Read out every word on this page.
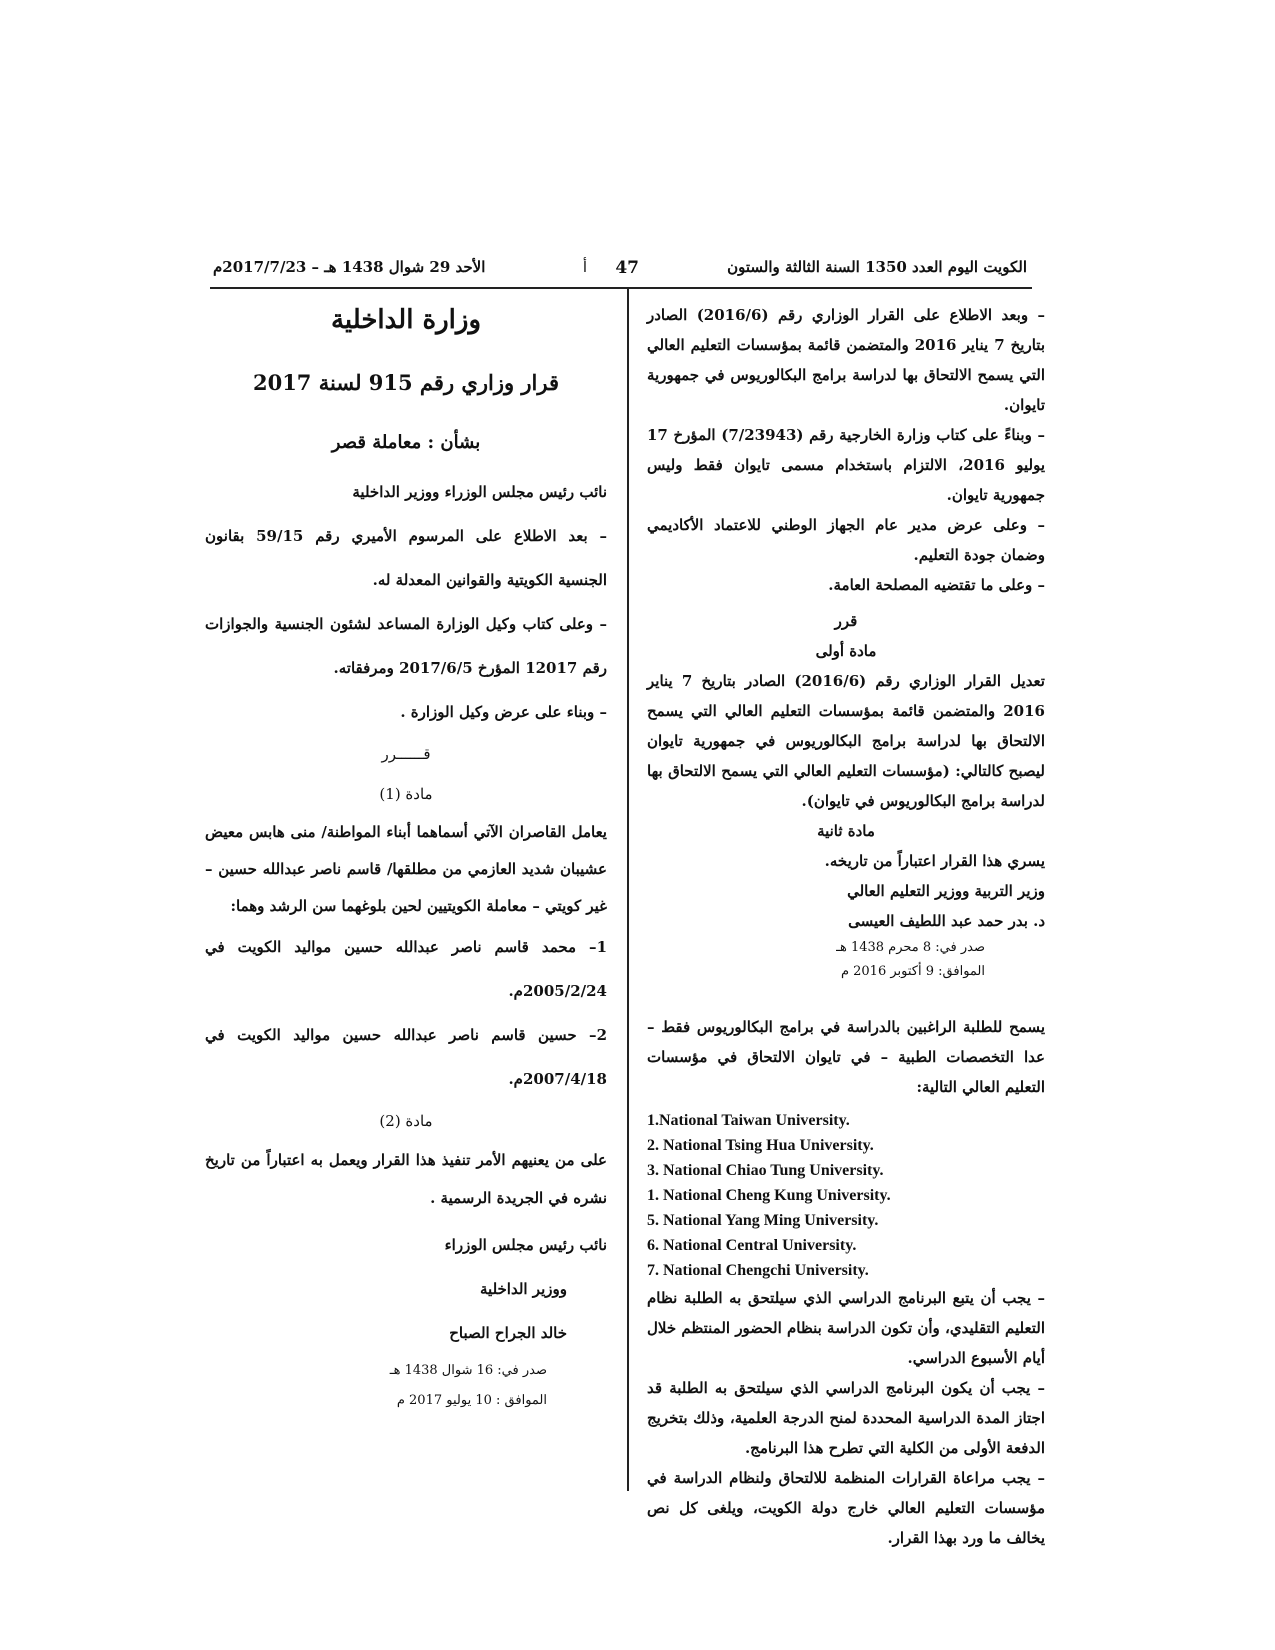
الكويت اليوم العدد 1350 السنة الثالثة والستون
47
أ
الأحد 29 شوال 1438 هـ – 2017/7/23م

– وبعد الاطلاع على القرار الوزاري رقم (2016/6) الصادر بتاريخ 7 يناير 2016 والمتضمن قائمة بمؤسسات التعليم العالي التي يسمح الالتحاق بها لدراسة برامج البكالوريوس في جمهورية تايوان.

– وبناءً على كتاب وزارة الخارجية رقم (7/23943) المؤرخ 17 يوليو 2016، الالتزام باستخدام مسمى تايوان فقط وليس جمهورية تايوان.

– وعلى عرض مدير عام الجهاز الوطني للاعتماد الأكاديمي وضمان جودة التعليم.

– وعلى ما تقتضيه المصلحة العامة.

قرر

مادة أولى

تعديل القرار الوزاري رقم (2016/6) الصادر بتاريخ 7 يناير 2016 والمتضمن قائمة بمؤسسات التعليم العالي التي يسمح الالتحاق بها لدراسة برامج البكالوريوس في جمهورية تايوان ليصبح كالتالي: (مؤسسات التعليم العالي التي يسمح الالتحاق بها لدراسة برامج البكالوريوس في تايوان).

مادة ثانية

يسري هذا القرار اعتباراً من تاريخه.

وزير التربية ووزير التعليم العالي

د. بدر حمد عبد اللطيف العيسى

صدر في: 8 محرم 1438 هـ

الموافق: 9 أكتوبر 2016 م

يسمح للطلبة الراغبين بالدراسة في برامج البكالوريوس فقط – عدا التخصصات الطبية – في تايوان الالتحاق في مؤسسات التعليم العالي التالية:

1.National Taiwan University.

2. National Tsing Hua University.

3. National Chiao Tung University.

1. National Cheng Kung University.

5. National Yang Ming University.

6. National Central University.

7. National Chengchi University.

– يجب أن يتبع البرنامج الدراسي الذي سيلتحق به الطلبة نظام التعليم التقليدي، وأن تكون الدراسة بنظام الحضور المنتظم خلال أيام الأسبوع الدراسي.

– يجب أن يكون البرنامج الدراسي الذي سيلتحق به الطلبة قد اجتاز المدة الدراسية المحددة لمنح الدرجة العلمية، وذلك بتخريج الدفعة الأولى من الكلية التي تطرح هذا البرنامج.

– يجب مراعاة القرارات المنظمة للالتحاق ولنظام الدراسة في مؤسسات التعليم العالي خارج دولة الكويت، ويلغى كل نص يخالف ما ورد بهذا القرار.

وزارة الداخلية

قرار وزاري رقم 915 لسنة 2017

بشأن : معاملة قصر

نائب رئيس مجلس الوزراء ووزير الداخلية

– بعد الاطلاع على المرسوم الأميري رقم 59/15 بقانون الجنسية الكويتية والقوانين المعدلة له.

– وعلى كتاب وكيل الوزارة المساعد لشئون الجنسية والجوازات رقم 12017 المؤرخ 2017/6/5 ومرفقاته.

– وبناء على عرض وكيل الوزارة .

قــــــرر

مادة (1)

يعامل القاصران الآتي أسماهما أبناء المواطنة/ منى هابس معيض عشيبان شديد العازمي من مطلقها/ قاسم ناصر عبدالله حسين – غير كويتي – معاملة الكويتيين لحين بلوغهما سن الرشد وهما:

1– محمد قاسم ناصر عبدالله حسين مواليد الكويت في 2005/2/24م.

2– حسين قاسم ناصر عبدالله حسين مواليد الكويت في 2007/4/18م.

مادة (2)

على من يعنيهم الأمر تنفيذ هذا القرار ويعمل به اعتباراً من تاريخ نشره في الجريدة الرسمية .

نائب رئيس مجلس الوزراء

ووزير الداخلية

خالد الجراح الصباح

صدر في: 16 شوال 1438 هـ

الموافق : 10 يوليو 2017 م
